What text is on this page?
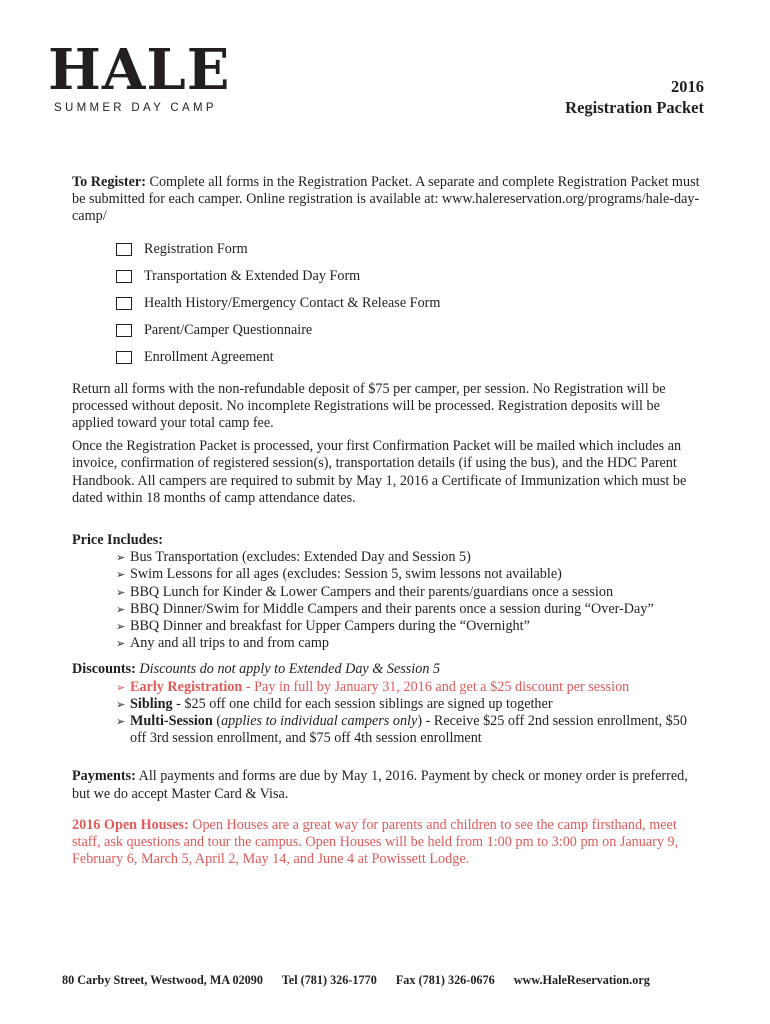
HALE
SUMMER DAY CAMP
2016
Registration Packet

To Register: Complete all forms in the Registration Packet. A separate and complete Registration Packet must be submitted for each camper. Online registration is available at: www.halereservation.org/programs/hale-day-camp/

Registration Form
Transportation & Extended Day Form
Health History/Emergency Contact & Release Form
Parent/Camper Questionnaire
Enrollment Agreement

Return all forms with the non-refundable deposit of $75 per camper, per session. No Registration will be processed without deposit. No incomplete Registrations will be processed. Registration deposits will be applied toward your total camp fee.

Once the Registration Packet is processed, your first Confirmation Packet will be mailed which includes an invoice, confirmation of registered session(s), transportation details (if using the bus), and the HDC Parent Handbook. All campers are required to submit by May 1, 2016 a Certificate of Immunization which must be dated within 18 months of camp attendance dates.

Price Includes:

➢ Bus Transportation (excludes: Extended Day and Session 5)
➢ Swim Lessons for all ages (excludes: Session 5, swim lessons not available)
➢ BBQ Lunch for Kinder & Lower Campers and their parents/guardians once a session
➢ BBQ Dinner/Swim for Middle Campers and their parents once a session during “Over-Day”
➢ BBQ Dinner and breakfast for Upper Campers during the “Overnight”
➢ Any and all trips to and from camp

Discounts: Discounts do not apply to Extended Day & Session 5

➢ Early Registration - Pay in full by January 31, 2016 and get a $25 discount per session
➢ Sibling - $25 off one child for each session siblings are signed up together
➢ Multi-Session (applies to individual campers only) - Receive $25 off 2nd session enrollment, $50 off 3rd session enrollment, and $75 off 4th session enrollment

Payments: All payments and forms are due by May 1, 2016. Payment by check or money order is preferred, but we do accept Master Card & Visa.

2016 Open Houses: Open Houses are a great way for parents and children to see the camp firsthand, meet staff, ask questions and tour the campus. Open Houses will be held from 1:00 pm to 3:00 pm on January 9, February 6, March 5, April 2, May 14, and June 4 at Powissett Lodge.

80 Carby Street, Westwood, MA 02090 Tel (781) 326-1770 Fax (781) 326-0676 www.HaleReservation.org
